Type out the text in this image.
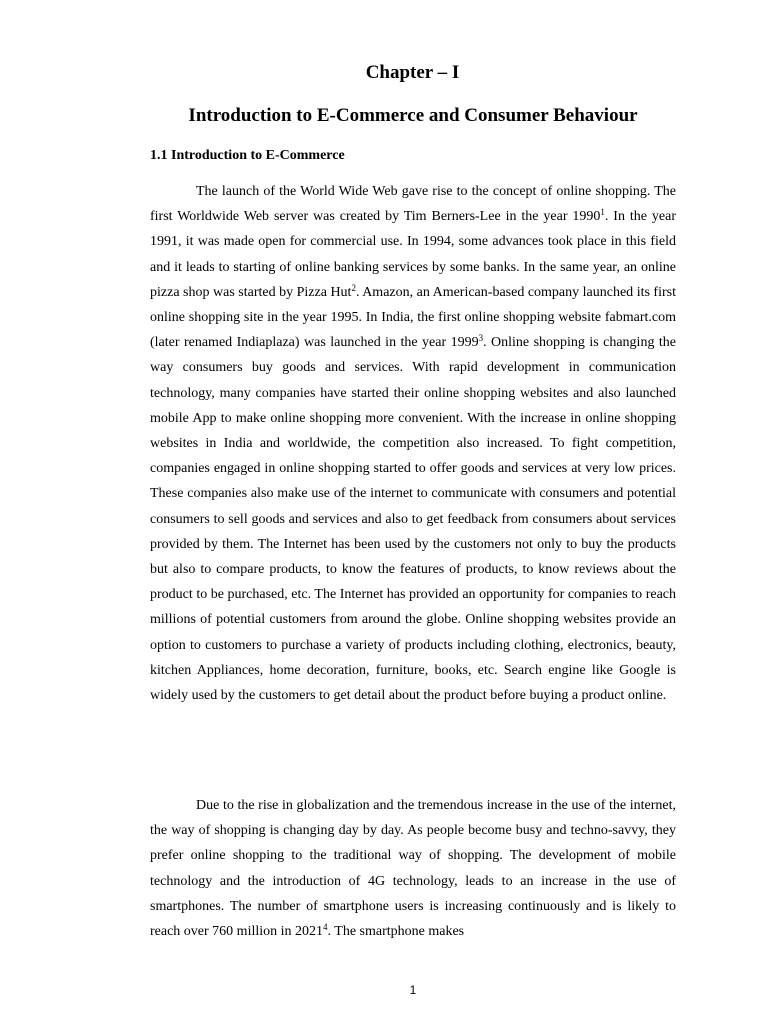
Chapter – I
Introduction to E-Commerce and Consumer Behaviour
1.1 Introduction to E-Commerce

The launch of the World Wide Web gave rise to the concept of online shopping. The first Worldwide Web server was created by Tim Berners-Lee in the year 1990$^1$. In the year 1991, it was made open for commercial use. In 1994, some advances took place in this field and it leads to starting of online banking services by some banks. In the same year, an online pizza shop was started by Pizza Hut$^2$. Amazon, an American-based company launched its first online shopping site in the year 1995. In India, the first online shopping website fabmart.com (later renamed Indiaplaza) was launched in the year 1999$^3$. Online shopping is changing the way consumers buy goods and services. With rapid development in communication technology, many companies have started their online shopping websites and also launched mobile App to make online shopping more convenient. With the increase in online shopping websites in India and worldwide, the competition also increased. To fight competition, companies engaged in online shopping started to offer goods and services at very low prices. These companies also make use of the internet to communicate with consumers and potential consumers to sell goods and services and also to get feedback from consumers about services provided by them. The Internet has been used by the customers not only to buy the products but also to compare products, to know the features of products, to know reviews about the product to be purchased, etc. The Internet has provided an opportunity for companies to reach millions of potential customers from around the globe. Online shopping websites provide an option to customers to purchase a variety of products including clothing, electronics, beauty, kitchen Appliances, home decoration, furniture, books, etc. Search engine like Google is widely used by the customers to get detail about the product before buying a product online.

Due to the rise in globalization and the tremendous increase in the use of the internet, the way of shopping is changing day by day. As people become busy and techno-savvy, they prefer online shopping to the traditional way of shopping. The development of mobile technology and the introduction of 4G technology, leads to an increase in the use of smartphones. The number of smartphone users is increasing continuously and is likely to reach over 760 million in 2021$^4$. The smartphone makes

1
